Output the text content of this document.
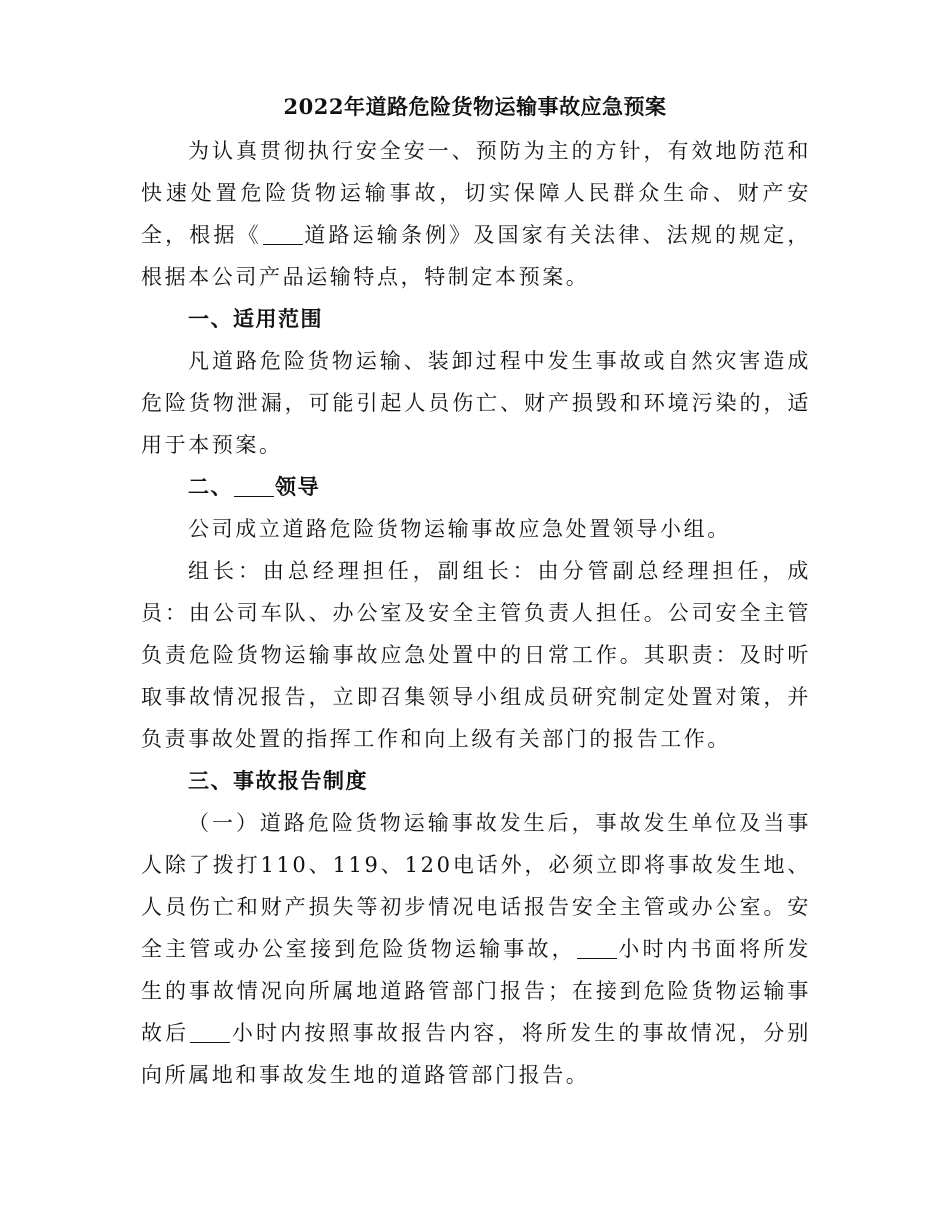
2022年道路危险货物运输事故应急预案

为认真贯彻执行安全安一、预防为主的方针，有效地防范和快速处置危险货物运输事故，切实保障人民群众生命、财产安全，根据《 道路运输条例》及国家有关法律、法规的规定，根据本公司产品运输特点，特制定本预案。

一、适用范围

凡道路危险货物运输、装卸过程中发生事故或自然灾害造成危险货物泄漏，可能引起人员伤亡、财产损毁和环境污染的，适用于本预案。

二、 领导

公司成立道路危险货物运输事故应急处置领导小组。

组长：由总经理担任，副组长：由分管副总经理担任，成员：由公司车队、办公室及安全主管负责人担任。公司安全主管负责危险货物运输事故应急处置中的日常工作。其职责：及时听取事故情况报告，立即召集领导小组成员研究制定处置对策，并负责事故处置的指挥工作和向上级有关部门的报告工作。

三、事故报告制度

（一）道路危险货物运输事故发生后，事故发生单位及当事人除了拨打110、119、120电话外，必须立即将事故发生地、人员伤亡和财产损失等初步情况电话报告安全主管或办公室。安全主管或办公室接到危险货物运输事故， 小时内书面将所发生的事故情况向所属地道路管部门报告；在接到危险货物运输事故后 小时内按照事故报告内容，将所发生的事故情况，分别向所属地和事故发生地的道路管部门报告。
